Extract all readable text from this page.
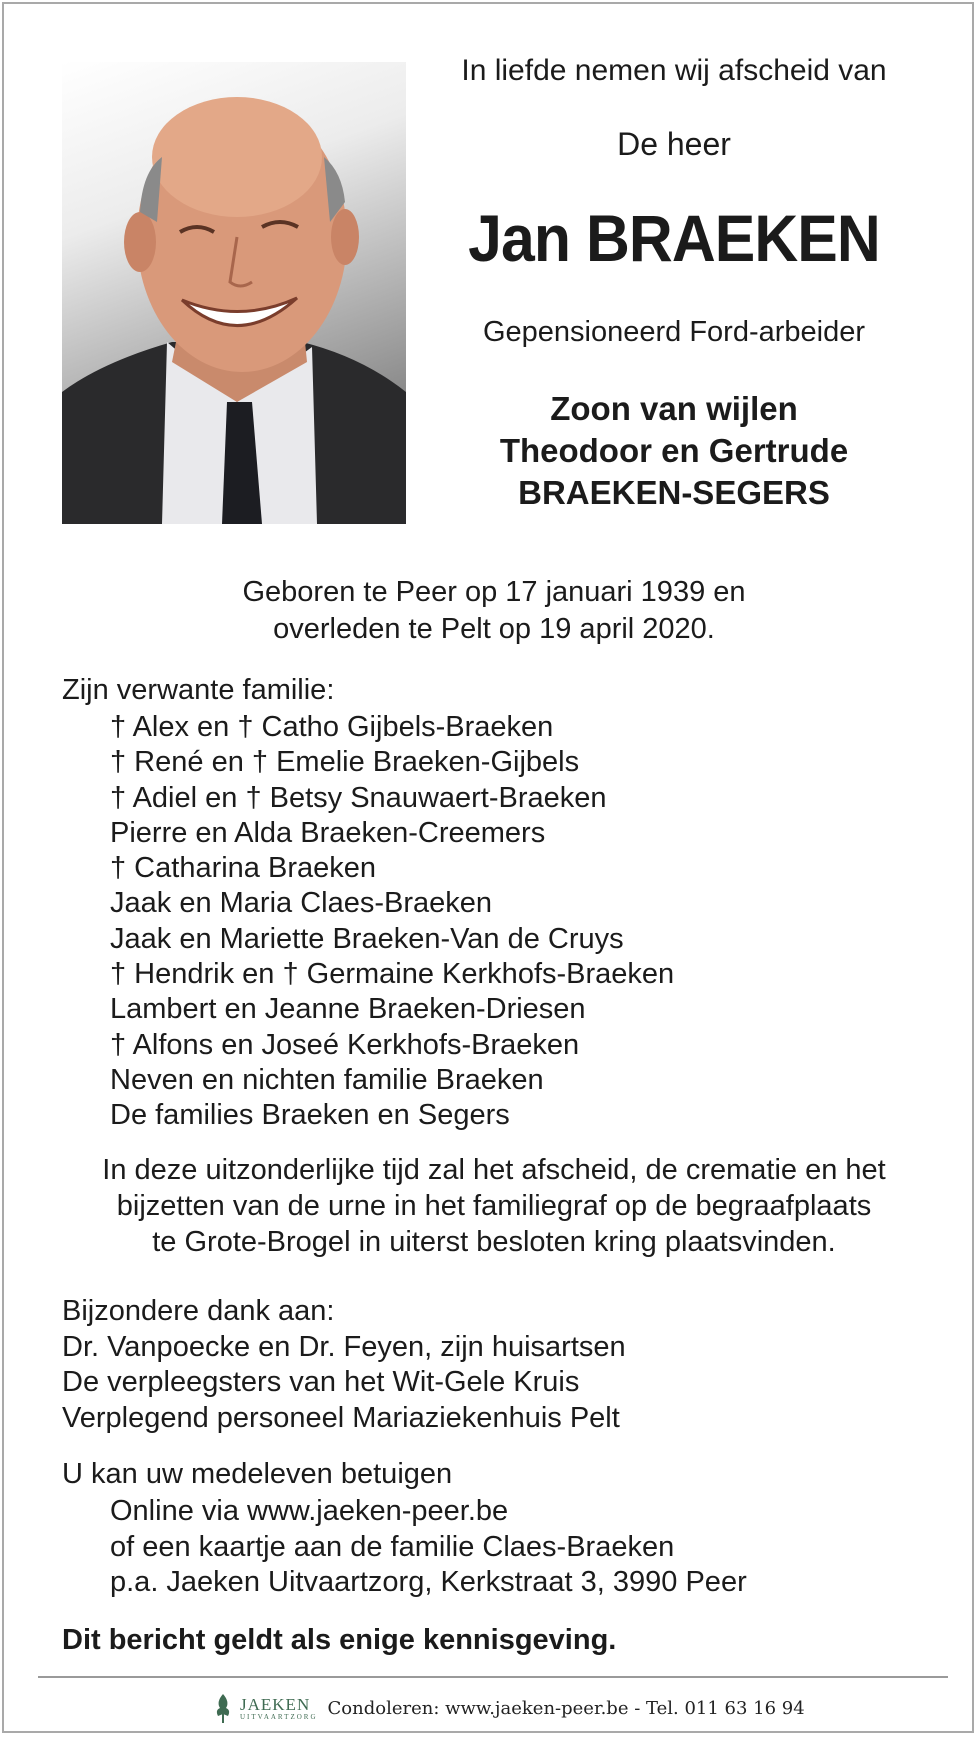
In liefde nemen wij afscheid van
De heer
Jan BRAEKEN
Gepensioneerd Ford-arbeider
Zoon van wijlen
Theodoor en Gertrude
BRAEKEN-SEGERS
Geboren te Peer op 17 januari 1939 en
overleden te Pelt op 19 april 2020.
Zijn verwante familie:
† Alex en † Catho Gijbels-Braeken
† René en † Emelie Braeken-Gijbels
† Adiel en † Betsy Snauwaert-Braeken
Pierre en Alda Braeken-Creemers
† Catharina Braeken
Jaak en Maria Claes-Braeken
Jaak en Mariette Braeken-Van de Cruys
† Hendrik en † Germaine Kerkhofs-Braeken
Lambert en Jeanne Braeken-Driesen
† Alfons en Joseé Kerkhofs-Braeken
Neven en nichten familie Braeken
De families Braeken en Segers
In deze uitzonderlijke tijd zal het afscheid, de crematie en het
bijzetten van de urne in het familiegraf op de begraafplaats
te Grote-Brogel in uiterst besloten kring plaatsvinden.
Bijzondere dank aan:
Dr. Vanpoecke en Dr. Feyen, zijn huisartsen
De verpleegsters van het Wit-Gele Kruis
Verplegend personeel Mariaziekenhuis Pelt
U kan uw medeleven betuigen
Online via www.jaeken-peer.be
of een kaartje aan de familie Claes-Braeken
p.a. Jaeken Uitvaartzorg, Kerkstraat 3, 3990 Peer
Dit bericht geldt als enige kennisgeving.
JAEKEN
UITVAARTZORG Condoleren: www.jaeken-peer.be - Tel. 011 63 16 94
